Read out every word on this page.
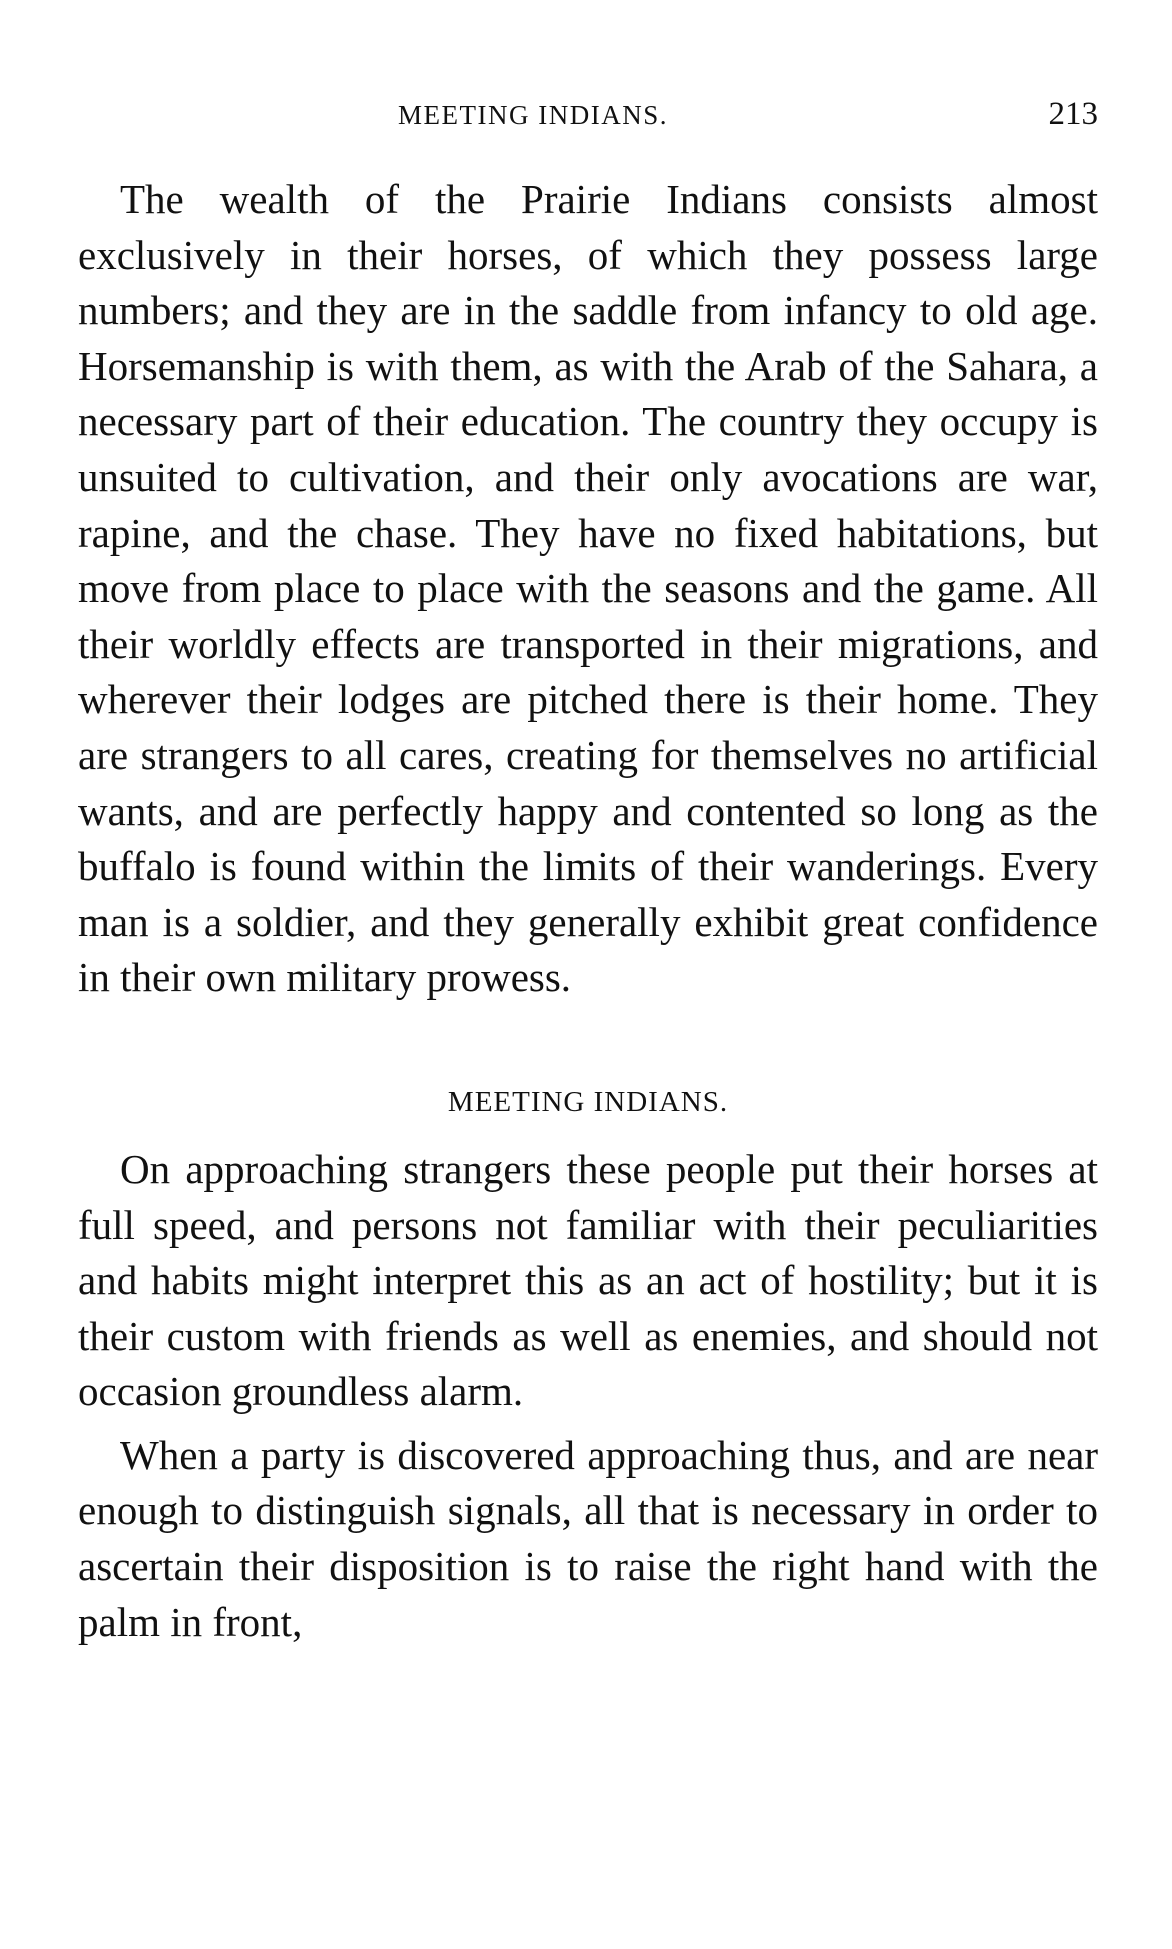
MEETING INDIANS.	213

The wealth of the Prairie Indians consists almost exclusively in their horses, of which they possess large numbers; and they are in the saddle from infancy to old age. Horsemanship is with them, as with the Arab of the Sahara, a necessary part of their education. The country they occupy is unsuited to cultivation, and their only avocations are war, rapine, and the chase. They have no fixed habitations, but move from place to place with the seasons and the game. All their worldly effects are transported in their migrations, and wherever their lodges are pitched there is their home. They are strangers to all cares, creating for themselves no artificial wants, and are perfectly happy and contented so long as the buffalo is found within the limits of their wanderings. Every man is a soldier, and they generally exhibit great confidence in their own military prowess.

MEETING INDIANS.

On approaching strangers these people put their horses at full speed, and persons not familiar with their peculiarities and habits might interpret this as an act of hostility; but it is their custom with friends as well as enemies, and should not occasion groundless alarm.

When a party is discovered approaching thus, and are near enough to distinguish signals, all that is necessary in order to ascertain their disposition is to raise the right hand with the palm in front,
